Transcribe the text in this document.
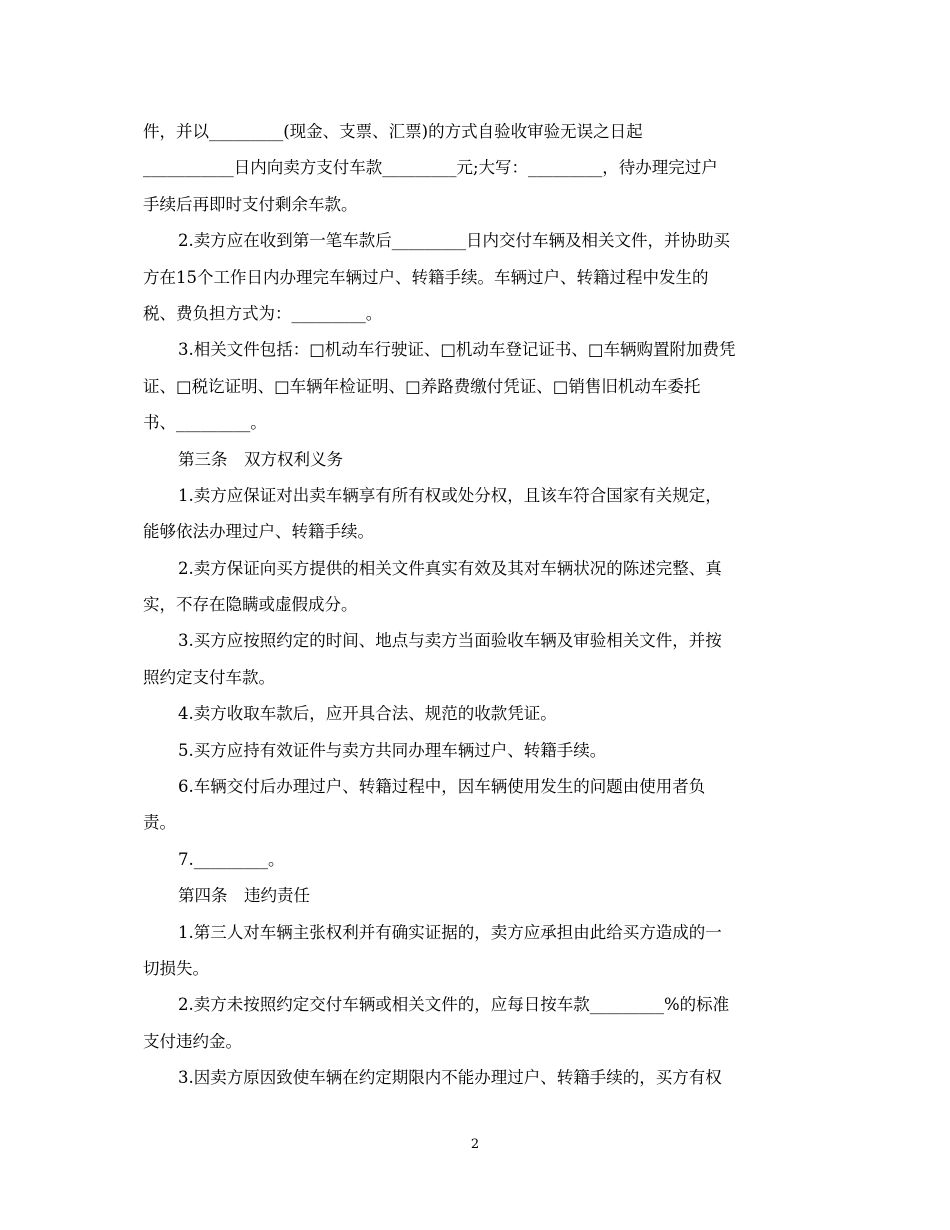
件，并以_________(现金、支票、汇票)的方式自验收审验无误之日起
___________日内向卖方支付车款_________元;大写：_________，待办理完过户
手续后再即时支付剩余车款。
2.卖方应在收到第一笔车款后_________日内交付车辆及相关文件，并协助买
方在15个工作日内办理完车辆过户、转籍手续。车辆过户、转籍过程中发生的
税、费负担方式为：_________。
3.相关文件包括：□机动车行驶证、□机动车登记证书、□车辆购置附加费凭
证、□税讫证明、□车辆年检证明、□养路费缴付凭证、□销售旧机动车委托
书、_________。
第三条　双方权利义务
1.卖方应保证对出卖车辆享有所有权或处分权，且该车符合国家有关规定，
能够依法办理过户、转籍手续。
2.卖方保证向买方提供的相关文件真实有效及其对车辆状况的陈述完整、真
实，不存在隐瞒或虚假成分。
3.买方应按照约定的时间、地点与卖方当面验收车辆及审验相关文件，并按
照约定支付车款。
4.卖方收取车款后，应开具合法、规范的收款凭证。
5.买方应持有效证件与卖方共同办理车辆过户、转籍手续。
6.车辆交付后办理过户、转籍过程中，因车辆使用发生的问题由使用者负
责。
7._________。
第四条　违约责任
1.第三人对车辆主张权利并有确实证据的，卖方应承担由此给买方造成的一
切损失。
2.卖方未按照约定交付车辆或相关文件的，应每日按车款_________%的标准
支付违约金。
3.因卖方原因致使车辆在约定期限内不能办理过户、转籍手续的，买方有权
2
